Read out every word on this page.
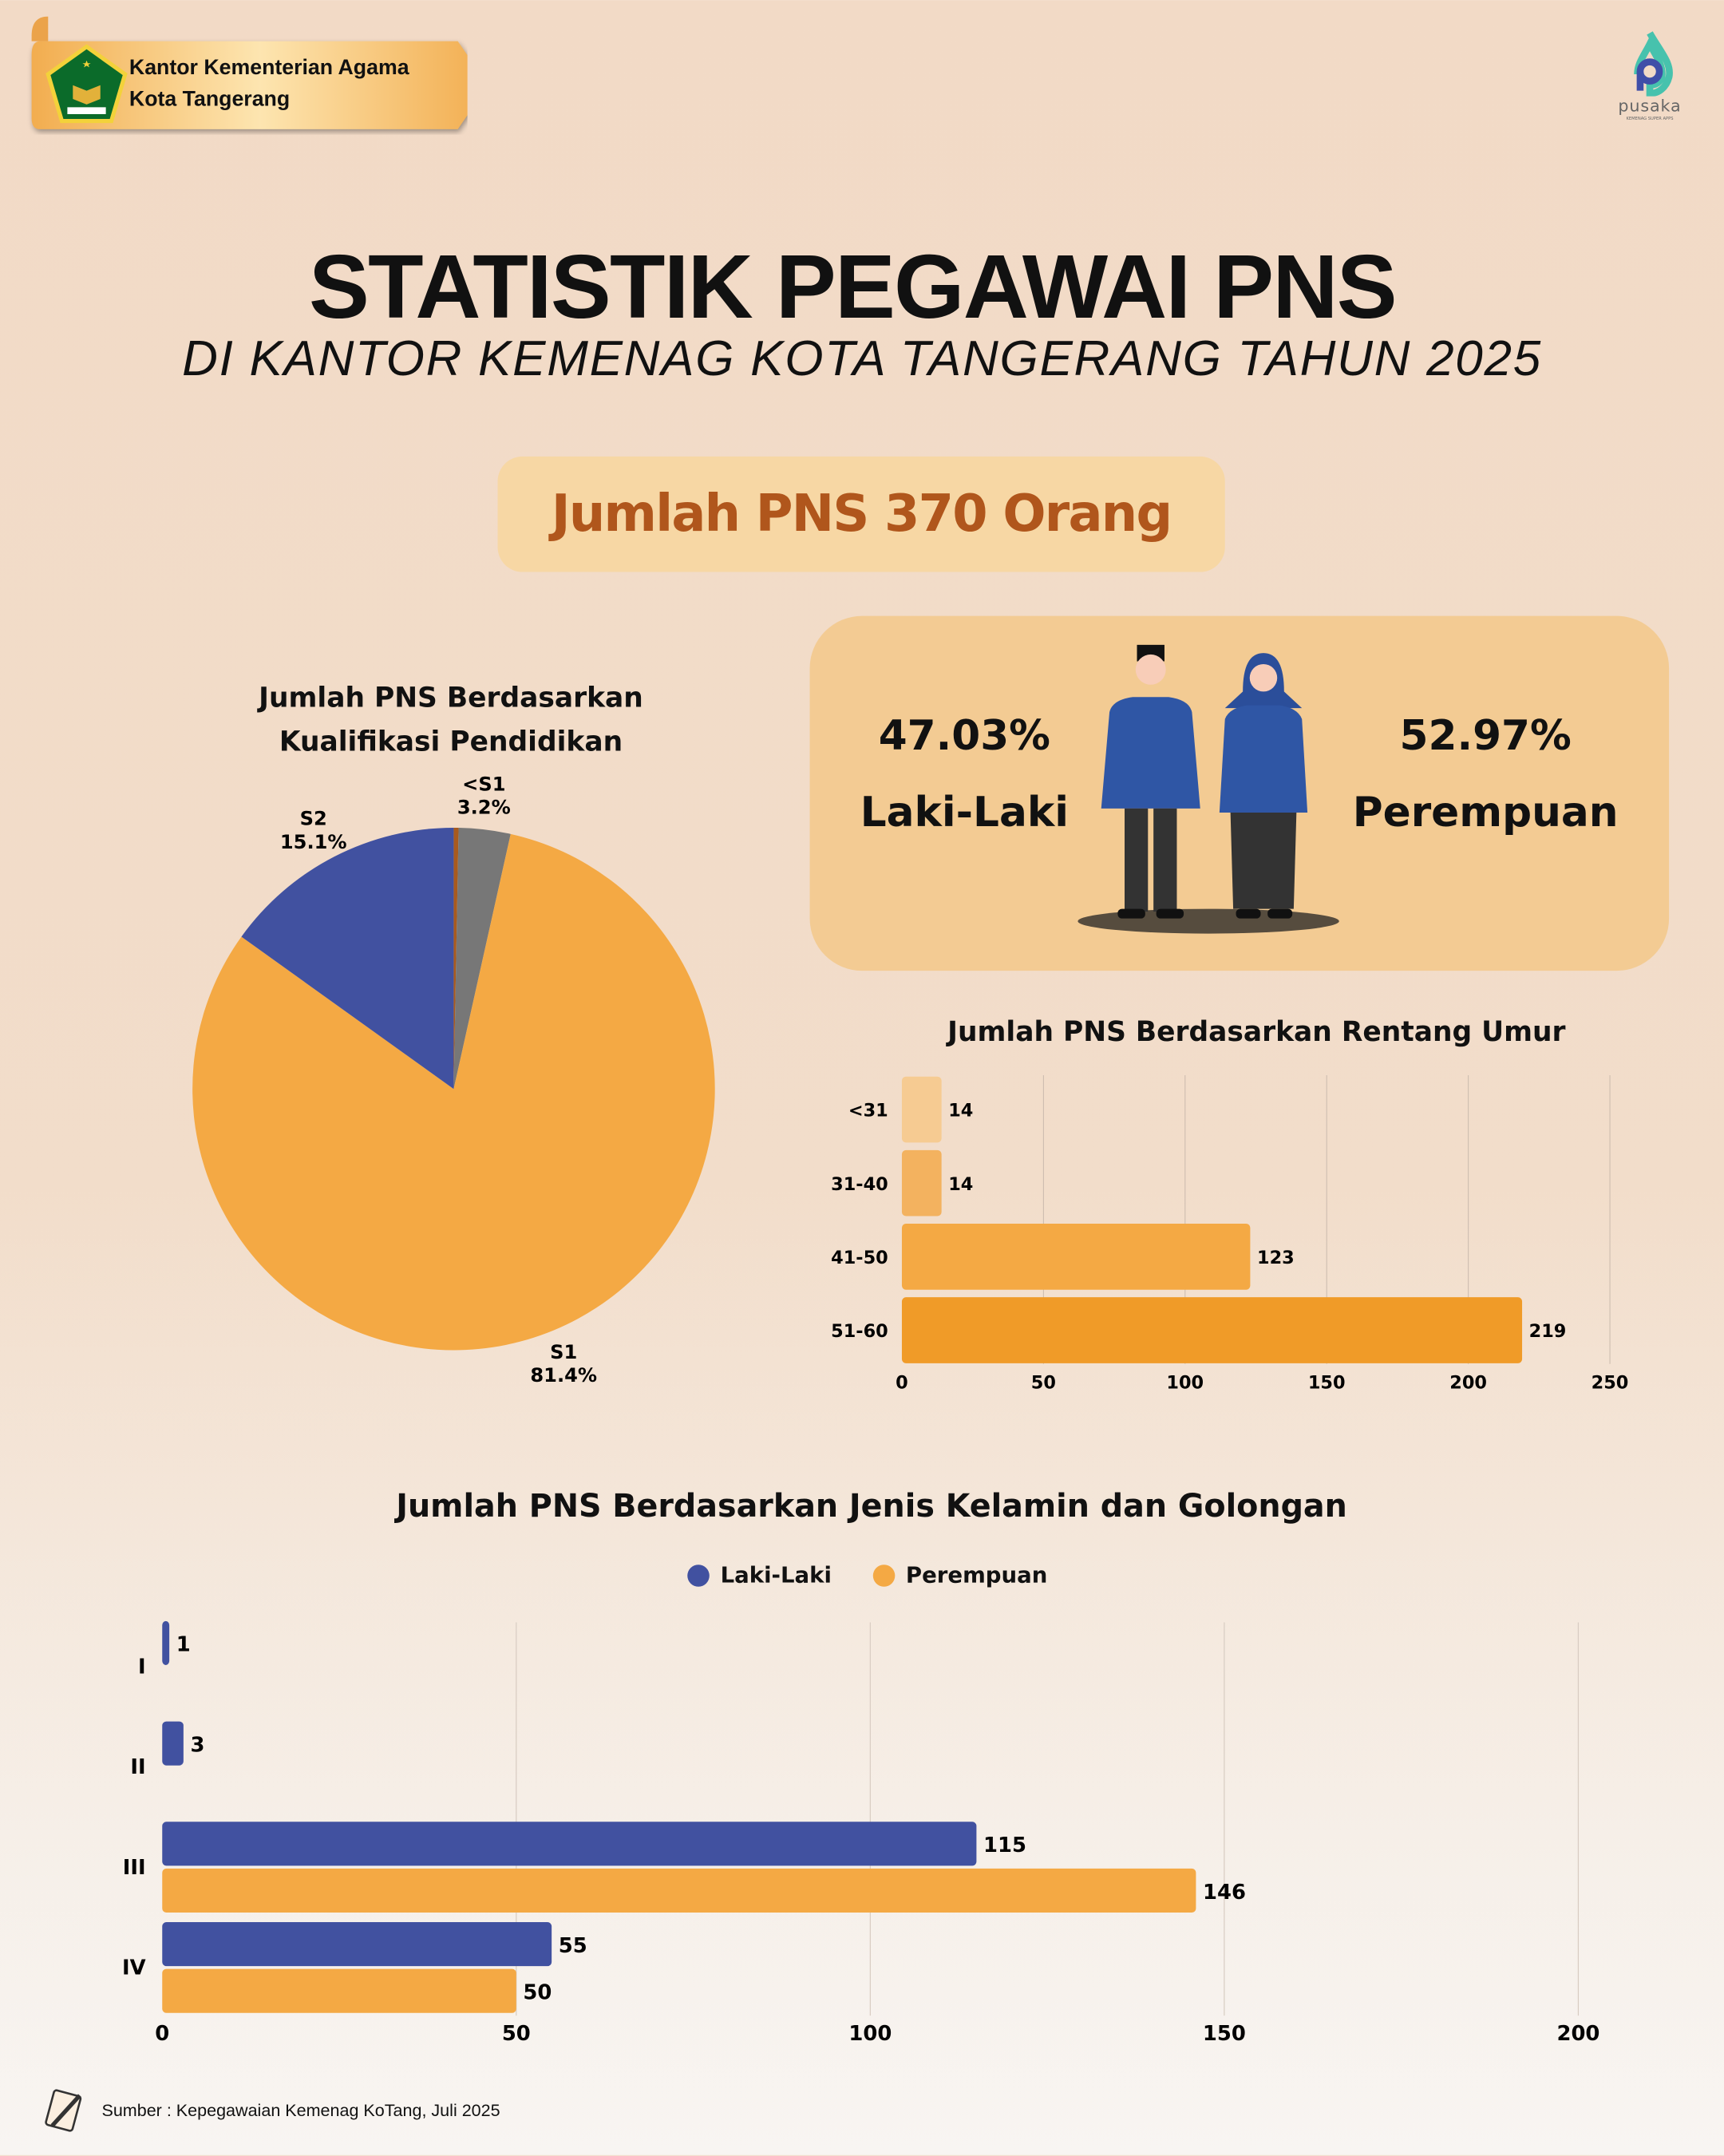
Kantor Kementerian Agama
Kota Tangerang	pusaka
KEMENAG SUPER APPS
STATISTIK PEGAWAI PNS
DI KANTOR KEMENAG KOTA TANGERANG TAHUN 2025
Jumlah PNS 370 Orang
47.03%
Laki-Laki
52.97%
Perempuan
Jumlah PNS Berdasarkan
Kualifikasi Pendidikan
<S1
3.2%
S1
81.4%
S2
15.1%
Jumlah PNS Berdasarkan Rentang Umur
0	50	100	150	200	250
<31	14
31-40	14
41-50	123
51-60	219
Jumlah PNS Berdasarkan Jenis Kelamin dan Golongan
Laki-Laki	Perempuan
0	50	100	150	200
I
1
II
3
III
115
146
IV
55
50
Sumber : Kepegawaian Kemenag KoTang, Juli 2025
